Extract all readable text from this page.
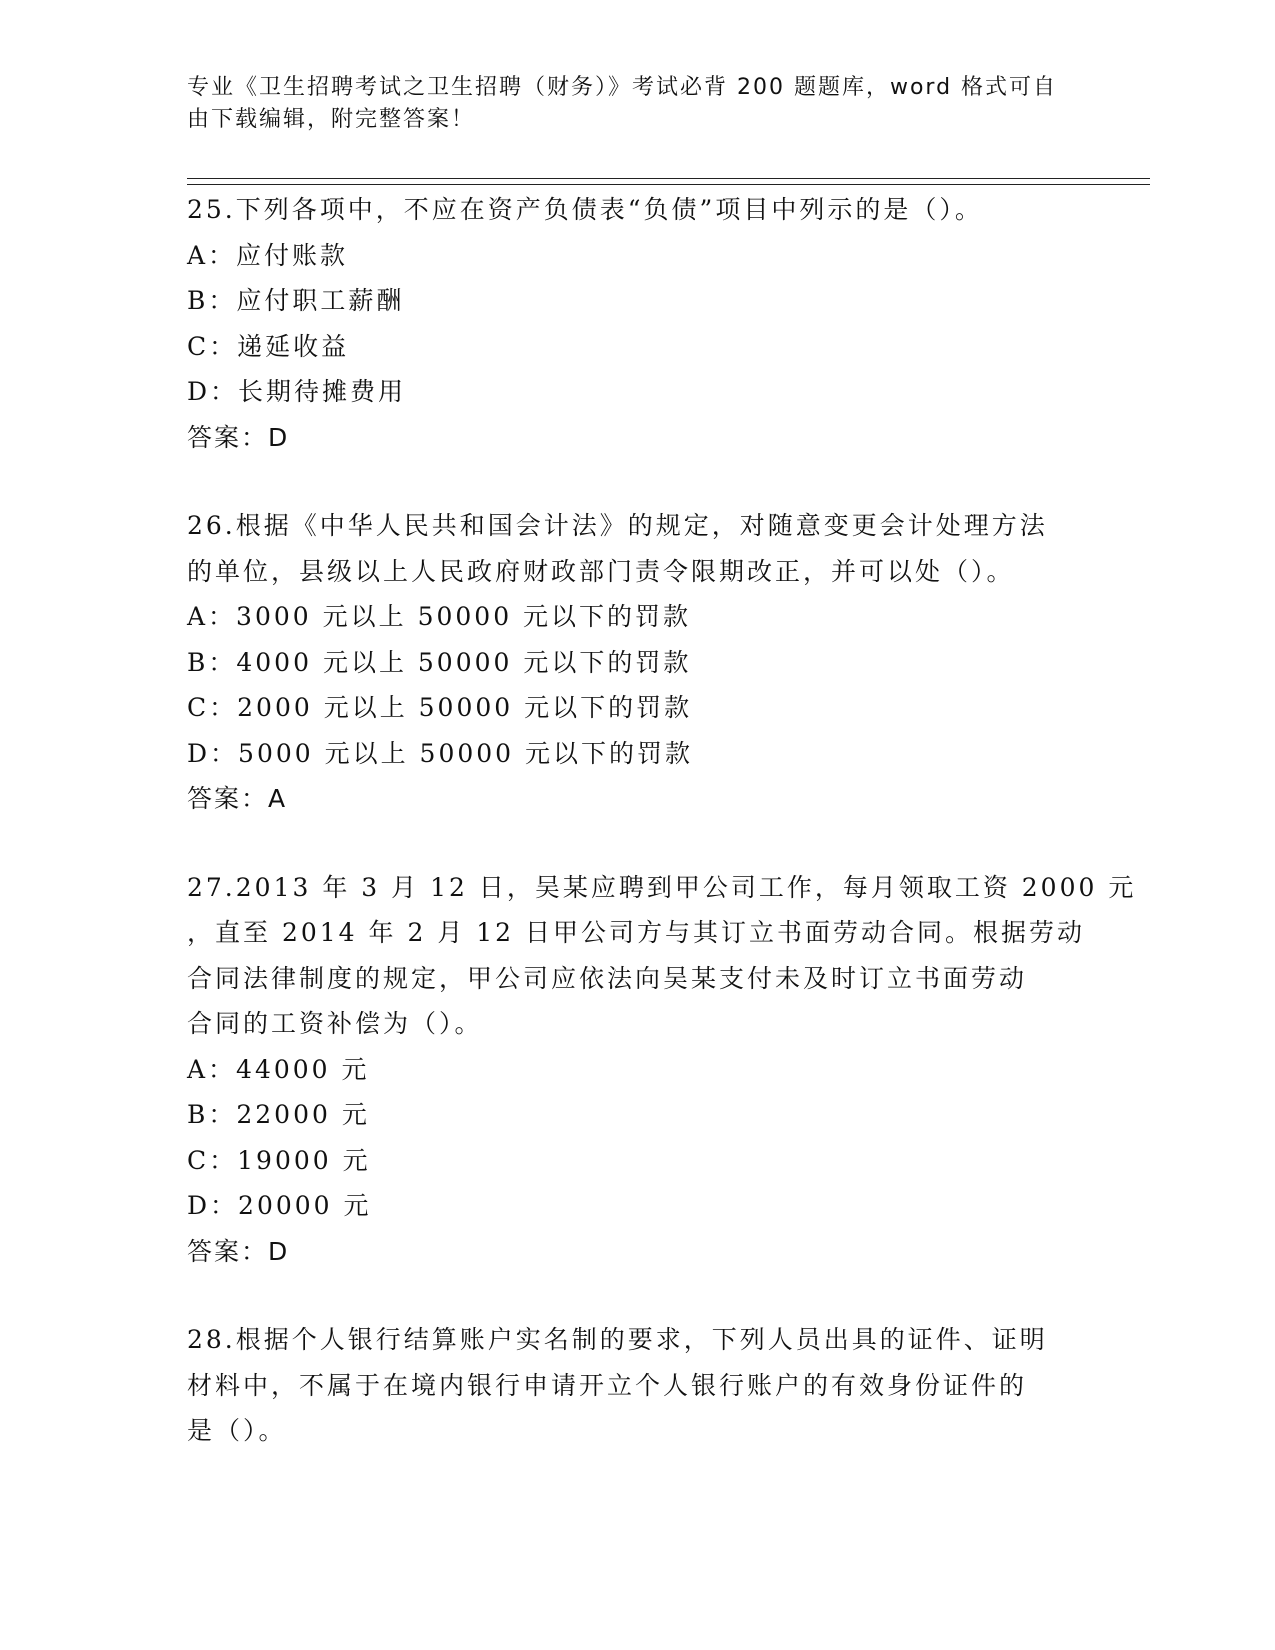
专业《卫生招聘考试之卫生招聘（财务）》考试必背 200 题题库，word 格式可自
由下载编辑，附完整答案！
25.下列各项中，不应在资产负债表“负债”项目中列示的是（）。
A：应付账款
B：应付职工薪酬
C：递延收益
D：长期待摊费用
答案：D
26.根据《中华人民共和国会计法》的规定，对随意变更会计处理方法
的单位，县级以上人民政府财政部门责令限期改正，并可以处（）。
A：3000 元以上 50000 元以下的罚款
B：4000 元以上 50000 元以下的罚款
C：2000 元以上 50000 元以下的罚款
D：5000 元以上 50000 元以下的罚款
答案：A
27.2013 年 3 月 12 日，吴某应聘到甲公司工作，每月领取工资 2000 元
，直至 2014 年 2 月 12 日甲公司方与其订立书面劳动合同。根据劳动
合同法律制度的规定，甲公司应依法向吴某支付未及时订立书面劳动
合同的工资补偿为（）。
A：44000 元
B：22000 元
C：19000 元
D：20000 元
答案：D
28.根据个人银行结算账户实名制的要求，下列人员出具的证件、证明
材料中，不属于在境内银行申请开立个人银行账户的有效身份证件的
是（）。
